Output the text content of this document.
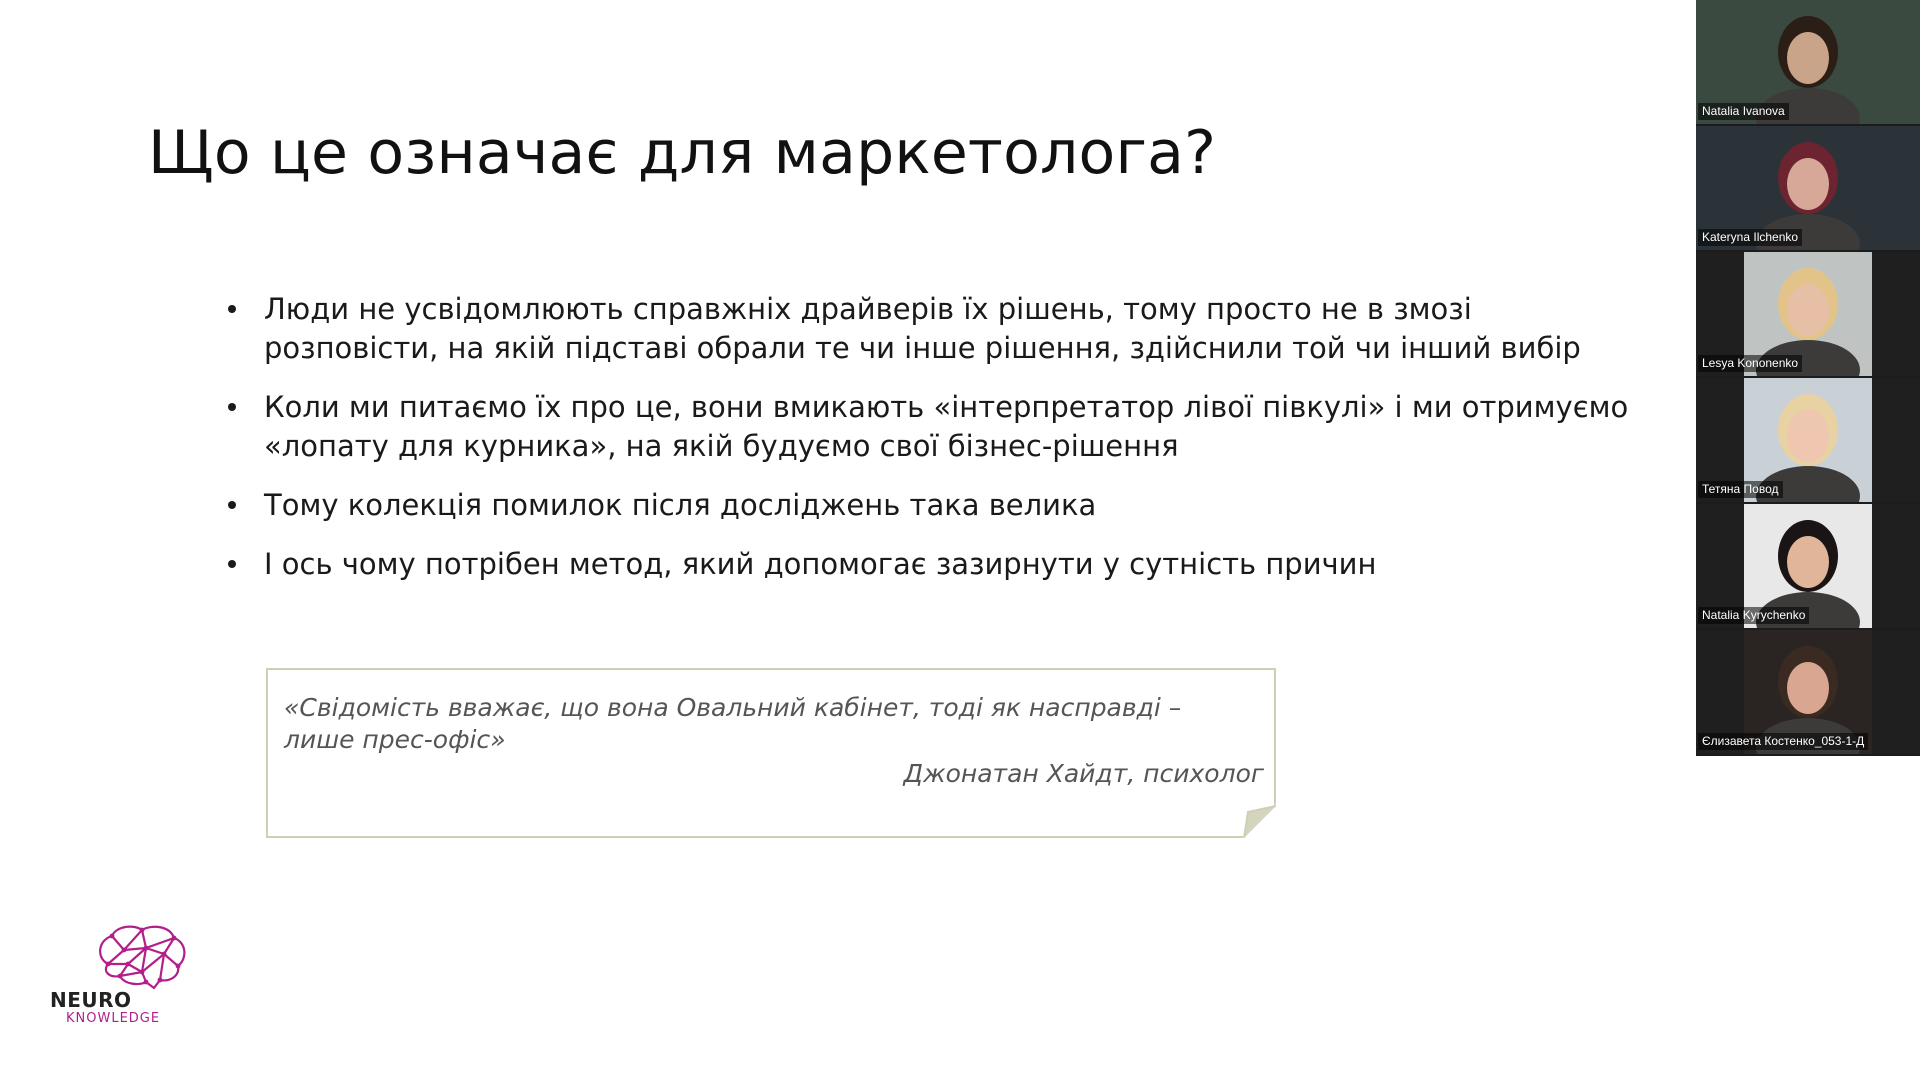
Що це означає для маркетолога?
Люди не усвідомлюють справжніх драйверів їх рішень, тому просто не в змозі розповісти, на якій підставі обрали те чи інше рішення, здійснили той чи інший вибір
Коли ми питаємо їх про це, вони вмикають «інтерпретатор лівої півкулі» і ми отримуємо «лопату для курника», на якій будуємо свої бізнес-рішення
Тому колекція помилок після досліджень така велика
І ось чому потрібен метод, який допомогає зазирнути у сутність причин

«Свідомість вважає, що вона Овальний кабінет, тоді як насправді – лише прес-офіс»

Джонатан Хайдт, психолог

NEURO
KNOWLEDGE
Natalia Ivanova
Kateryna Ilchenko
Lesya Kononenko
Тетяна Повод
Natalia Kyrychenko
Єлизавета Костенко_053-1-Д
